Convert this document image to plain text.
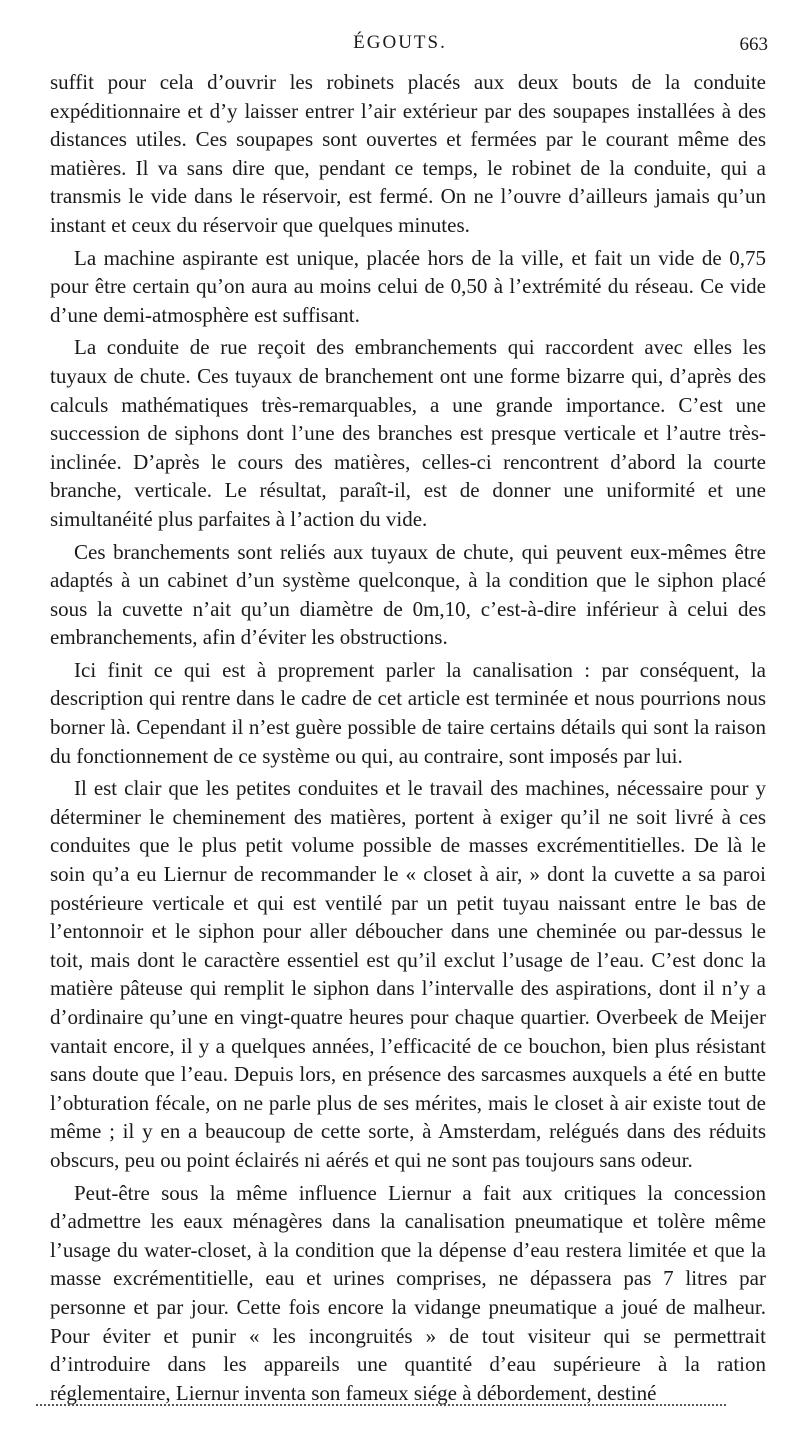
ÉGOUTS.	663

suffit pour cela d’ouvrir les robinets placés aux deux bouts de la conduite expéditionnaire et d’y laisser entrer l’air extérieur par des soupapes installées à des distances utiles. Ces soupapes sont ouvertes et fermées par le courant même des matières. Il va sans dire que, pendant ce temps, le robinet de la conduite, qui a transmis le vide dans le réservoir, est fermé. On ne l’ouvre d’ailleurs jamais qu’un instant et ceux du réservoir que quelques minutes.

La machine aspirante est unique, placée hors de la ville, et fait un vide de 0,75 pour être certain qu’on aura au moins celui de 0,50 à l’extrémité du réseau. Ce vide d’une demi-atmosphère est suffisant.

La conduite de rue reçoit des embranchements qui raccordent avec elles les tuyaux de chute. Ces tuyaux de branchement ont une forme bizarre qui, d’après des calculs mathématiques très-remarquables, a une grande importance. C’est une succession de siphons dont l’une des branches est presque verticale et l’autre très-inclinée. D’après le cours des matières, celles-ci rencontrent d’abord la courte branche, verticale. Le résultat, paraît-il, est de donner une uniformité et une simultanéité plus parfaites à l’action du vide.

Ces branchements sont reliés aux tuyaux de chute, qui peuvent eux-mêmes être adaptés à un cabinet d’un système quelconque, à la condition que le siphon placé sous la cuvette n’ait qu’un diamètre de 0m,10, c’est-à-dire inférieur à celui des embranchements, afin d’éviter les obstructions.

Ici finit ce qui est à proprement parler la canalisation : par conséquent, la description qui rentre dans le cadre de cet article est terminée et nous pourrions nous borner là. Cependant il n’est guère possible de taire certains détails qui sont la raison du fonctionnement de ce système ou qui, au contraire, sont imposés par lui.

Il est clair que les petites conduites et le travail des machines, nécessaire pour y déterminer le cheminement des matières, portent à exiger qu’il ne soit livré à ces conduites que le plus petit volume possible de masses excrémentitielles. De là le soin qu’a eu Liernur de recommander le « closet à air, » dont la cuvette a sa paroi postérieure verticale et qui est ventilé par un petit tuyau naissant entre le bas de l’entonnoir et le siphon pour aller déboucher dans une cheminée ou par-dessus le toit, mais dont le caractère essentiel est qu’il exclut l’usage de l’eau. C’est donc la matière pâteuse qui remplit le siphon dans l’intervalle des aspirations, dont il n’y a d’ordinaire qu’une en vingt-quatre heures pour chaque quartier. Overbeek de Meijer vantait encore, il y a quelques années, l’efficacité de ce bouchon, bien plus résistant sans doute que l’eau. Depuis lors, en présence des sarcasmes auxquels a été en butte l’obturation fécale, on ne parle plus de ses mérites, mais le closet à air existe tout de même ; il y en a beaucoup de cette sorte, à Amsterdam, relégués dans des réduits obscurs, peu ou point éclairés ni aérés et qui ne sont pas toujours sans odeur.

Peut-être sous la même influence Liernur a fait aux critiques la concession d’admettre les eaux ménagères dans la canalisation pneumatique et tolère même l’usage du water-closet, à la condition que la dépense d’eau restera limitée et que la masse excrémentitielle, eau et urines comprises, ne dépassera pas 7 litres par personne et par jour. Cette fois encore la vidange pneumatique a joué de malheur. Pour éviter et punir « les incongruités » de tout visiteur qui se permettrait d’introduire dans les appareils une quantité d’eau supérieure à la ration réglementaire, Liernur inventa son fameux siége à débordement, destiné
